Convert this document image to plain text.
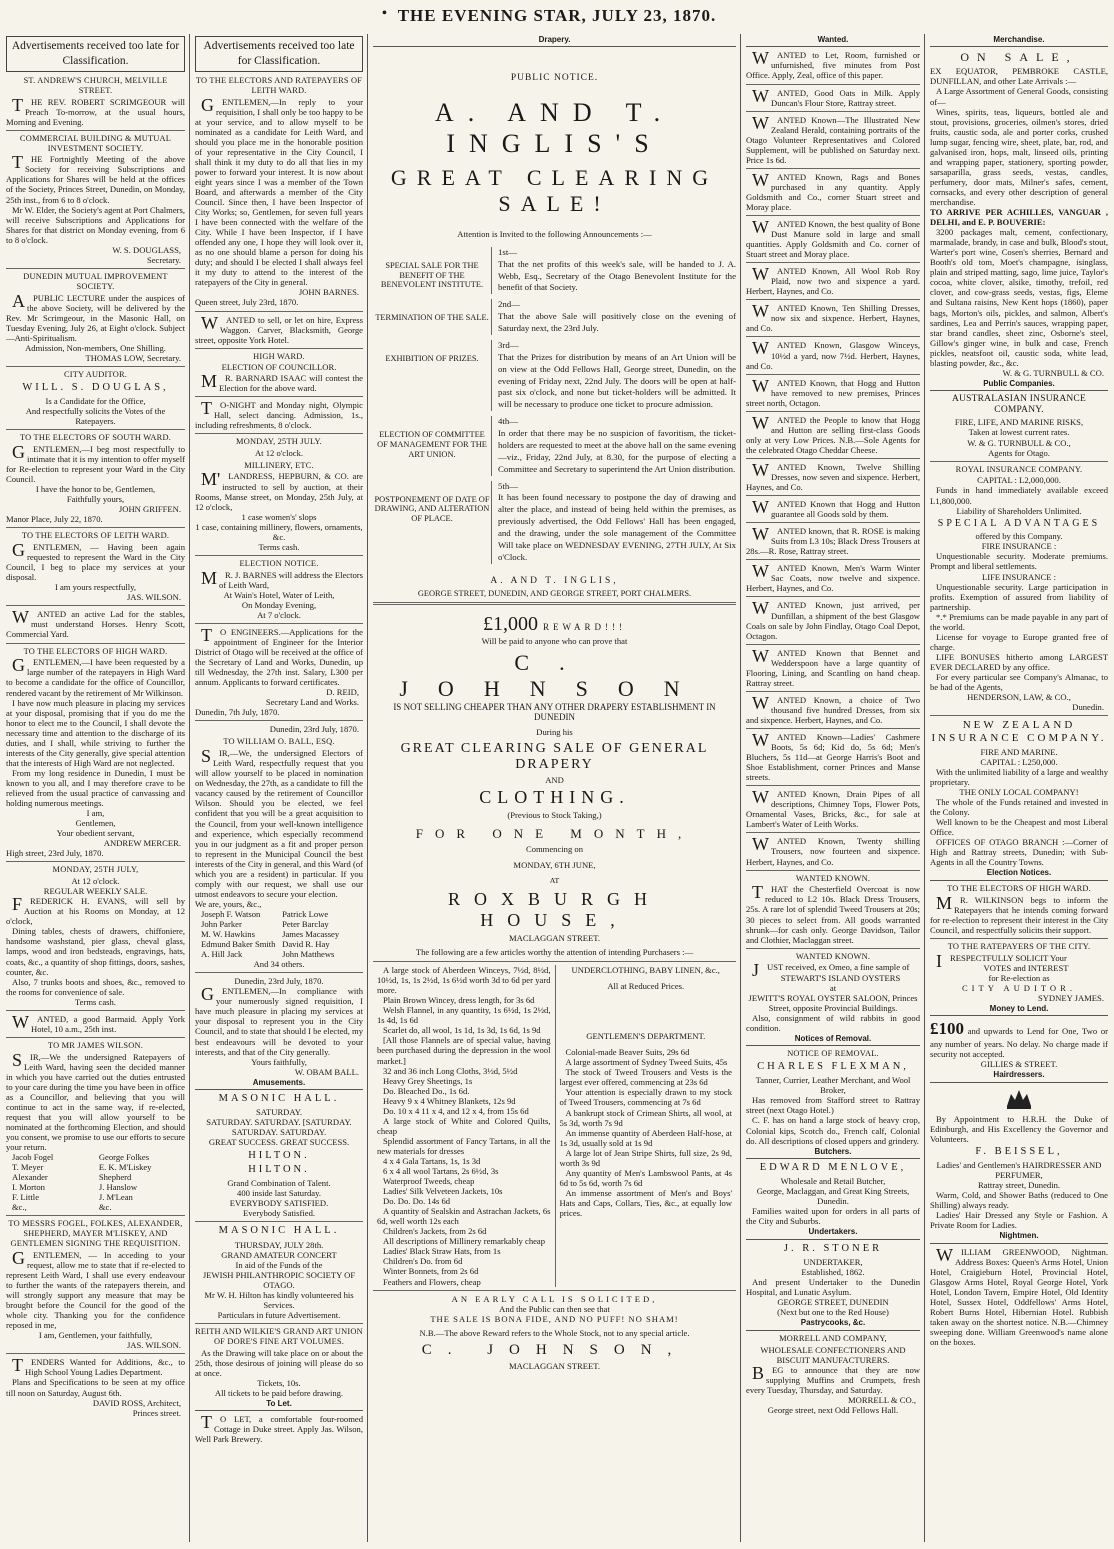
• THE EVENING STAR, JULY 23, 1870.
Advertisements received too late for Classification.
ST. ANDREW'S CHURCH, MELVILLE STREET.

THE REV. ROBERT SCRIMGEOUR will Preach To-morrow, at the usual hours, Morning and Evening.

COMMERCIAL BUILDING & MUTUAL INVESTMENT SOCIETY.

THE Fortnightly Meeting of the above Society for receiving Subscriptions and Applications for Shares will be held at the offices of the Society, Princes Street, Dunedin, on Monday, 25th inst., from 6 to 8 o'clock.

Mr W. Elder, the Society's agent at Port Chalmers, will receive Subscriptions and Applications for Shares for that district on Monday evening, from 6 to 8 o'clock.

W. S. DOUGLASS,

Secretary.

DUNEDIN MUTUAL IMPROVEMENT SOCIETY.

APUBLIC LECTURE under the auspices of the above Society, will be delivered by the Rev. Mr Scrimgeour, in the Masonic Hall, on Tuesday Evening, July 26, at Eight o'clock. Subject—Anti-Spiritualism.

Admission, Non-members, One Shilling.

THOMAS LOW, Secretary.

CITY AUDITOR.
WILL. S. DOUGLAS,

Is a Candidate for the Office,

And respectfully solicits the Votes of the

Ratepayers.

TO THE ELECTORS OF SOUTH WARD.

GENTLEMEN,—I beg most respectfully to intimate that it is my intention to offer myself for Re-election to represent your Ward in the City Council.

I have the honor to be, Gentlemen,

Faithfully yours,

JOHN GRIFFEN.

Manor Place, July 22, 1870.

TO THE ELECTORS OF LEITH WARD.

GENTLEMEN, — Having been again requested to represent the Ward in the City Council, I beg to place my services at your disposal.

I am yours respectfully,

JAS. WILSON.

WANTED an active Lad for the stables, must understand Horses. Henry Scott, Commercial Yard.

TO THE ELECTORS OF HIGH WARD.

GENTLEMEN,—I have been requested by a large number of the ratepayers in High Ward to become a candidate for the office of Councillor, rendered vacant by the retirement of Mr Wilkinson.

I have now much pleasure in placing my services at your disposal, promising that if you do me the honor to elect me to the Council, I shall devote the necessary time and attention to the discharge of its duties, and I shall, while striving to further the interests of the City generally, give special attention that the interests of High Ward are not neglected.

From my long residence in Dunedin, I must be known to you all, and I may therefore crave to be relieved from the usual practice of canvassing and holding numerous meetings.

I am,

Gentlemen,

Your obedient servant,

ANDREW MERCER.

High street, 23rd July, 1870.

MONDAY, 25TH JULY,

At 12 o'clock.

REGULAR WEEKLY SALE.

FREDERICK H. EVANS, will sell by Auction at his Rooms on Monday, at 12 o'clock,

Dining tables, chests of drawers, chiffoniere, handsome washstand, pier glass, cheval glass, lamps, wood and iron bedsteads, engravings, hats, coats, &c., a quantity of shop fittings, doors, sashes, counter, &c.

Also, 7 trunks boots and shoes, &c., removed to the rooms for convenience of sale.

Terms cash.

WANTED, a good Barmaid. Apply York Hotel, 10 a.m., 25th inst.

TO MR JAMES WILSON.

SIR,—We the undersigned Ratepayers of Leith Ward, having seen the decided manner in which you have carried out the duties entrusted to your care during the time you have been in office as a Councillor, and believing that you will continue to act in the same way, if re-elected, request that you will allow yourself to be nominated at the forthcoming Election, and should you consent, we promise to use our efforts to secure your return.

Jacob Fogel	George Folkes
T. Meyer	E. K. M'Liskey
Alexander	Shepherd
I. Morton	J. Hanslow
F. Little	J. M'Lean
&c.,	&c.
TO MESSRS FOGEL, FOLKES, ALEXANDER, SHEPHERD, MAYER M'LISKEY, AND GENTLEMEN SIGNING THE REQUISITION.

GENTLEMEN, — In acceding to your request, allow me to state that if re-elected to represent Leith Ward, I shall use every endeavour to further the wants of the ratepayers therein, and will strongly support any measure that may be brought before the Council for the good of the whole city. Thanking you for the confidence reposed in me,

I am, Gentlemen, your faithfully,

JAS. WILSON.

TENDERS Wanted for Additions, &c., to High School Young Ladies Department.

Plans and Specifications to be seen at my office till noon on Saturday, August 6th.

DAVID ROSS, Architect,

Princes street.

Advertisements received too late for Classification.
TO THE ELECTORS AND RATEPAYERS OF LEITH WARD.

GENTLEMEN,—In reply to your requisition, I shall only be too happy to be at your service, and to allow myself to be nominated as a candidate for Leith Ward, and should you place me in the honorable position of your representative in the City Council, I shall think it my duty to do all that lies in my power to forward your interest. It is now about eight years since I was a member of the Town Board, and afterwards a member of the City Council. Since then, I have been Inspector of City Works; so, Gentlemen, for seven full years I have been connected with the welfare of the City. While I have been Inspector, if I have offended any one, I hope they will look over it, as no one should blame a person for doing his duty; and should I be elected I shall always feel it my duty to attend to the interest of the ratepayers of the City in general.

JOHN BARNES.

Queen street, July 23rd, 1870.

WANTED to sell, or let on hire, Express Waggon. Carver, Blacksmith, George street, opposite York Hotel.

HIGH WARD.

ELECTION OF COUNCILLOR.

MR. BARNARD ISAAC will contest the Election for the above ward.

TO-NIGHT and Monday night, Olympic Hall, select dancing. Admission, 1s., including refreshments, 8 o'clock.

MONDAY, 25TH JULY.

At 12 o'clock.

MILLINERY, ETC.

M'LANDRESS, HEPBURN, & CO. are instructed to sell by auction, at their Rooms, Manse street, on Monday, 25th July, at 12 o'clock,

1 case women's' slops

1 case, containing millinery, flowers, ornaments, &c.

Terms cash.

ELECTION NOTICE.

MR. J. BARNES will address the Electors of Leith Ward,

At Wain's Hotel, Water of Leith,

On Monday Evening,

At 7 o'clock.

TO ENGINEERS.—Applications for the appointment of Engineer for the Interior District of Otago will be received at the office of the Secretary of Land and Works, Dunedin, up till Wednesday, the 27th inst. Salary, L300 per annum. Applicants to forward certificates.

D. REID,

Secretary Land and Works.

Dunedin, 7th July, 1870.

Dunedin, 23rd July, 1870.

TO WILLIAM O. BALL, ESQ.

SIR,—We, the undersigned Electors of Leith Ward, respectfully request that you will allow yourself to be placed in nomination on Wednesday, the 27th, as a candidate to fill the vacancy caused by the retirement of Councillor Wilson. Should you be elected, we feel confident that you will be a great acquisition to the Council, from your well-known intelligence and experience, which especially recommend you in our judgment as a fit and proper person to represent in the Municipal Council the best interests of the City in general, and this Ward (of which you are a resident) in particular. If you comply with our request, we shall use our utmost endeavors to secure your election.

We are, yours, &c.,

Joseph F. Watson	Patrick Lowe
John Parker	Peter Barclay
M. W. Hawkins	James Macassey
Edmund Baker Smith David R. Hay
A. Hill Jack	John Matthews

And 34 others.

Dunedin, 23rd July, 1870.

GENTLEMEN,—In compliance with your numerously signed requisition, I have much pleasure in placing my services at your disposal to represent you in the City Council, and to state that should I be elected, my best endeavours will be devoted to your interests, and that of the City generally.

Yours faithfully,

W. OBAM BALL.

Amusements.
MASONIC HALL.

SATURDAY.

SATURDAY. SATURDAY. [SATURDAY. SATURDAY. SATURDAY.

GREAT SUCCESS. GREAT SUCCESS.

HILTON.
HILTON.

Grand Combination of Talent.

400 inside last Saturday.

EVERYBODY SATISFIED.

Everybody Satisfied.

MASONIC HALL.

THURSDAY, JULY 28th.

GRAND AMATEUR CONCERT

In aid of the Funds of the

JEWISH PHILANTHROPIC SOCIETY OF OTAGO.

Mr W. H. Hilton has kindly volunteered his Services.

Particulars in future Advertisement.

REITH AND WILKIE'S GRAND ART UNION OF DORE'S FINE ART VOLUMES.

As the Drawing will take place on or about the 25th, those desirous of joining will please do so at once.

Tickets, 10s.

All tickets to be paid before drawing.

To Let.

TO LET, a comfortable four-roomed Cottage in Duke street. Apply Jas. Wilson, Well Park Brewery.

Drapery.

PUBLIC NOTICE.

A. AND T. INGLIS'S
GREAT CLEARING SALE!

Attention is Invited to the following Announcements :—

SPECIAL SALE FOR THE BENEFIT OF THE BENEVOLENT INSTITUTE.
1st—
That the net profits of this week's sale, will be handed to J. A. Webb, Esq., Secretary of the Otago Benevolent Institute for the benefit of that Society.
TERMINATION OF THE SALE.
2nd—
That the above Sale will positively close on the evening of Saturday next, the 23rd July.
EXHIBITION OF PRIZES.
3rd—
That the Prizes for distribution by means of an Art Union will be on view at the Odd Fellows Hall, George street, Dunedin, on the evening of Friday next, 22nd July. The doors will be open at half-past six o'clock, and none but ticket-holders will be admitted. It will be necessary to produce one ticket to procure admission.
ELECTION OF COMMITTEE OF MANAGEMENT FOR THE ART UNION.
4th—
In order that there may be no suspicion of favoritism, the ticket-holders are requested to meet at the above hall on the same evening—viz., Friday, 22nd July, at 8.30, for the purpose of electing a Committee and Secretary to superintend the Art Union distribution.
POSTPONEMENT OF DATE OF DRAWING, AND ALTERATION OF PLACE.
5th—
It has been found necessary to postpone the day of drawing and alter the place, and instead of being held within the premises, as previously advertised, the Odd Fellows' Hall has been engaged, and the drawing, under the sole management of the Committee Will take place on WEDNESDAY EVENING, 27TH JULY, At Six o'Clock.
A. AND T. INGLIS,

GEORGE STREET, DUNEDIN, AND GEORGE STREET, PORT CHALMERS.

£1,000 REWARD!!!

Will be paid to anyone who can prove that

C. JOHNSON

IS NOT SELLING CHEAPER THAN ANY OTHER DRAPERY ESTABLISHMENT IN DUNEDIN

During his

GREAT CLEARING SALE OF GENERAL DRAPERY

AND

CLOTHING.

(Previous to Stock Taking,)

FOR ONE MONTH,

Commencing on

MONDAY, 6TH JUNE,

AT

ROXBURGH HOUSE,

MACLAGGAN STREET.

The following are a few articles worthy the attention of intending Purchasers :—

A large stock of Aberdeen Winceys, 7½d, 8½d, 10½d, 1s, 1s 2½d, 1s 6½d worth 3d to 6d per yard more.

Plain Brown Wincey, dress length, for 3s 6d

Welsh Flannel, in any quantity, 1s 6½d, 1s 2½d, 1s 4d, 1s 6d

Scarlet do, all wool, 1s 1d, 1s 3d, 1s 6d, 1s 9d

[All those Flannels are of special value, having been purchased during the depression in the wool market.]

32 and 36 inch Long Cloths, 3½d, 5½d

Heavy Grey Sheetings, 1s

Do. Bleached Do., 1s 6d.

Heavy 9 x 4 Whitney Blankets, 12s 9d

Do. 10 x 4 11 x 4, and 12 x 4, from 15s 6d

A large stock of White and Colored Quilts, cheap

Splendid assortment of Fancy Tartans, in all the new materials for dresses

4 x 4 Gala Tartans, 1s, 1s 3d

6 x 4 all wool Tartans, 2s 6½d, 3s

Waterproof Tweeds, cheap

Ladies' Silk Velveteen Jackets, 10s

Do. Do. Do. 14s 6d

A quantity of Sealskin and Astrachan Jackets, 6s 6d, well worth 12s each

Children's Jackets, from 2s 6d

All descriptions of Millinery remarkably cheap

Ladies' Black Straw Hats, from 1s

Children's Do. from 6d

Winter Bonnets, from 2s 6d

Feathers and Flowers, cheap

UNDERCLOTHING, BABY LINEN, &c.,

All at Reduced Prices.

GENTLEMEN'S DEPARTMENT.

Colonial-made Beaver Suits, 29s 6d

A large assortment of Sydney Tweed Suits, 45s

The stock of Tweed Trousers and Vests is the largest ever offered, commencing at 23s 6d

Your attention is especially drawn to my stock of Tweed Trousers, commencing at 7s 6d

A bankrupt stock of Crimean Shirts, all wool, at 5s 3d, worth 7s 9d

An immense quantity of Aberdeen Half-hose, at 1s 3d, usually sold at 1s 9d

A large lot of Jean Stripe Shirts, full size, 2s 9d, worth 3s 9d

Any quantity of Men's Lambswool Pants, at 4s 6d to 5s 6d, worth 7s 6d

An immense assortment of Men's and Boys' Hats and Caps, Collars, Ties, &c., at equally low prices.

AN EARLY CALL IS SOLICITED,

And the Public can then see that

THE SALE IS BONA FIDE, AND NO PUFF! NO SHAM!

N.B.—The above Reward refers to the Whole Stock, not to any special article.

C. JOHNSON,

MACLAGGAN STREET.

Wanted.

WANTED to Let, Room, furnished or unfurnished, five minutes from Post Office. Apply, Zeal, office of this paper.

WANTED, Good Oats in Milk. Apply Duncan's Flour Store, Rattray street.

WANTED Known—The Illustrated New Zealand Herald, containing portraits of the Otago Volunteer Representatives and Colored Supplement, will be published on Saturday next. Price 1s 6d.

WANTED Known, Rags and Bones purchased in any quantity. Apply Goldsmith and Co., corner Stuart street and Moray place.

WANTED Known, the best quality of Bone Dust Manure sold in large and small quantities. Apply Goldsmith and Co. corner of Stuart street and Moray place.

WANTED Known, All Wool Rob Roy Plaid, now two and sixpence a yard. Herbert, Haynes, and Co.

WANTED Known, Ten Shilling Dresses, now six and sixpence. Herbert, Haynes, and Co.

WANTED Known, Glasgow Winceys, 10½d a yard, now 7½d. Herbert, Haynes, and Co.

WANTED Known, that Hogg and Hutton have removed to new premises, Princes street north, Octagon.

WANTED the People to know that Hogg and Hutton are selling first-class Goods only at very Low Prices. N.B.—Sole Agents for the celebrated Otago Cheddar Cheese.

WANTED Known, Twelve Shilling Dresses, now seven and sixpence. Herbert, Haynes, and Co.

WANTED Known that Hogg and Hutton guarantee all Goods sold by them.

WANTED known, that R. ROSE is making Suits from L3 10s; Black Dress Trousers at 28s.—R. Rose, Rattray street.

WANTED Known, Men's Warm Winter Sac Coats, now twelve and sixpence. Herbert, Haynes, and Co.

WANTED Known, just arrived, per Dunfillan, a shipment of the best Glasgow Coals on sale by John Findlay, Otago Coal Depot, Octagon.

WANTED Known that Bennet and Wedderspoon have a large quantity of Flooring, Lining, and Scantling on hand cheap. Rattray street.

WANTED Known, a choice of Two thousand five hundred Dresses, from six and sixpence. Herbert, Haynes, and Co.

WANTED Known—Ladies' Cashmere Boots, 5s 6d; Kid do, 5s 6d; Men's Bluchers, 5s 11d—at George Harris's Boot and Shoe Establishment, corner Princes and Manse streets.

WANTED Known, Drain Pipes of all descriptions, Chimney Tops, Flower Pots, Ornamental Vases, Bricks, &c., for sale at Lambert's Water of Leith Works.

WANTED Known, Twenty shilling Trousers, now fourteen and sixpence. Herbert, Haynes, and Co.

WANTED KNOWN.

THAT the Chesterfield Overcoat is now reduced to L2 10s. Black Dress Trousers, 25s. A rare lot of splendid Tweed Trousers at 20s; 30 pieces to select from. All goods warranted shrunk—for cash only. George Davidson, Tailor and Clothier, Maclaggan street.

WANTED KNOWN.

JUST received, ex Omeo, a fine sample of

STEWART'S ISLAND OYSTERS

at

JEWITT'S ROYAL OYSTER SALOON, Princes Street, opposite Provincial Buildings.

Also, consignment of wild rabbits in good condition.

Notices of Removal.
NOTICE OF REMOVAL.
CHARLES FLEXMAN,

Tanner, Currier, Leather Merchant, and Wool Broker,

Has removed from Stafford street to Rattray street (next Otago Hotel.)

C. F. has on hand a large stock of heavy crop, Colonial kips, Scotch do., French calf, Colonial do. All descriptions of closed uppers and grindery.

Butchers.
EDWARD MENLOVE,

Wholesale and Retail Butcher,

George, Maclaggan, and Great King Streets, Dunedin.

Families waited upon for orders in all parts of the City and Suburbs.

Undertakers.
J. R. STONER

UNDERTAKER,

Established, 1862.

And present Undertaker to the Dunedin Hospital, and Lunatic Asylum.

GEORGE STREET, DUNEDIN

(Next but one to the Red House)

Pastrycooks, &c.
MORRELL AND COMPANY,

WHOLESALE CONFECTIONERS AND BISCUIT MANUFACTURERS.

BEG to announce that they are now supplying Muffins and Crumpets, fresh every Tuesday, Thursday, and Saturday.

MORRELL & CO.,

George street, next Odd Fellows Hall.

Merchandise.
ON SALE,

EX EQUATOR, PEMBROKE CASTLE, DUNFILLAN, and other Late Arrivals :—

A Large Assortment of General Goods, consisting of—

Wines, spirits, teas, liqueurs, bottled ale and stout, provisions, groceries, oilmen's stores, dried fruits, caustic soda, ale and porter corks, crushed lump sugar, fencing wire, sheet, plate, bar, rod, and galvanised iron, hops, malt, linseed oils, printing and wrapping paper, stationery, sporting powder, sarsaparilla, grass seeds, vestas, candles, perfumery, door mats, Milner's safes, cement, cornsacks, and every other description of general merchandise.

TO ARRIVE PER ACHILLES, VANGUAR , DELHI, and E. P. BOUVERIE:

3200 packages malt, cement, confectionary, marmalade, brandy, in case and bulk, Blood's stout, Warter's port wine, Cosen's sherries, Bernard and Booth's old tom, Moet's champagne, isinglass, plain and striped matting, sago, lime juice, Taylor's cocoa, white clover, alsike, timothy, trefoil, red clover, and cow-grass seeds, vestas, figs, Eleme and Sultana raisins, New Kent hops (1860), paper bags, Morton's oils, pickles, and salmon, Albert's sardines, Lea and Perrin's sauces, wrapping paper, star brand candles, sheet zinc, Osborne's steel, Gillow's ginger wine, in bulk and case, French pickles, neatsfoot oil, caustic soda, white lead, blasting powder, &c., &c.

W. & G. TURNBULL & CO.

Public Companies.
AUSTRALASIAN INSURANCE COMPANY.

FIRE, LIFE, AND MARINE RISKS,

Taken at lowest current rates.

W. & G. TURNBULL & CO.,

Agents for Otago.

ROYAL INSURANCE COMPANY.

CAPITAL : L2,000,000.

Funds in hand immediately available exceed L1,800,000.

Liability of Shareholders Unlimited.

SPECIAL ADVANTAGES

offered by this Company.

FIRE INSURANCE :

Unquestionable security. Moderate premiums. Prompt and liberal settlements.

LIFE INSURANCE :

Unquestionable security. Large participation in profits. Exemption of assured from liability of partnership.

*.* Premiums can be made payable in any part of the world.

License for voyage to Europe granted free of charge.

LIFE BONUSES hitherto among LARGEST EVER DECLARED by any office.

For every particular see Company's Almanac, to be had of the Agents,

HENDERSON, LAW, & CO.,

Dunedin.

NEW ZEALAND INSURANCE COMPANY.

FIRE AND MARINE.

CAPITAL : L250,000.

With the unlimited liability of a large and wealthy proprietary.

THE ONLY LOCAL COMPANY!

The whole of the Funds retained and invested in the Colony.

Well known to be the Cheapest and most Liberal Office.

OFFICES OF OTAGO BRANCH :—Corner of High and Rattray streets, Dunedin; with Sub-Agents in all the Country Towns.

Election Notices.
TO THE ELECTORS OF HIGH WARD.

MR. WILKINSON begs to inform the Ratepayers that he intends coming forward for re-election to represent their interest in the City Council, and respectfully solicits their support.

TO THE RATEPAYERS OF THE CITY.

IRESPECTFULLY SOLICIT Your

VOTES and INTEREST

for Re-election as

CITY AUDITOR.

SYDNEY JAMES.

Money to Lend.

£100 and upwards to Lend for One, Two or any number of years. No delay. No charge made if security not accepted.

GILLIES & STREET.

Hairdressers.

By Appointment to H.R.H. the Duke of Edinburgh, and His Excellency the Governor and Volunteers.

F. BEISSEL,

Ladies' and Gentlemen's HAIRDRESSER AND PERFUMER,

Rattray street, Dunedin.

Warm, Cold, and Shower Baths (reduced to One Shilling) always ready.

Ladies' Hair Dressed any Style or Fashion. A Private Room for Ladies.

Nightmen.

WILLIAM GREENWOOD, Nightman. Address Boxes: Queen's Arms Hotel, Union Hotel, Craigieburn Hotel, Provincial Hotel, Glasgow Arms Hotel, Royal George Hotel, York Hotel, London Tavern, Empire Hotel, Old Identity Hotel, Sussex Hotel, Oddfellows' Arms Hotel, Robert Burns Hotel, Hibernian Hotel. Rubbish taken away on the shortest notice. N.B.—Chimney sweeping done. William Greenwood's name alone on the boxes.
